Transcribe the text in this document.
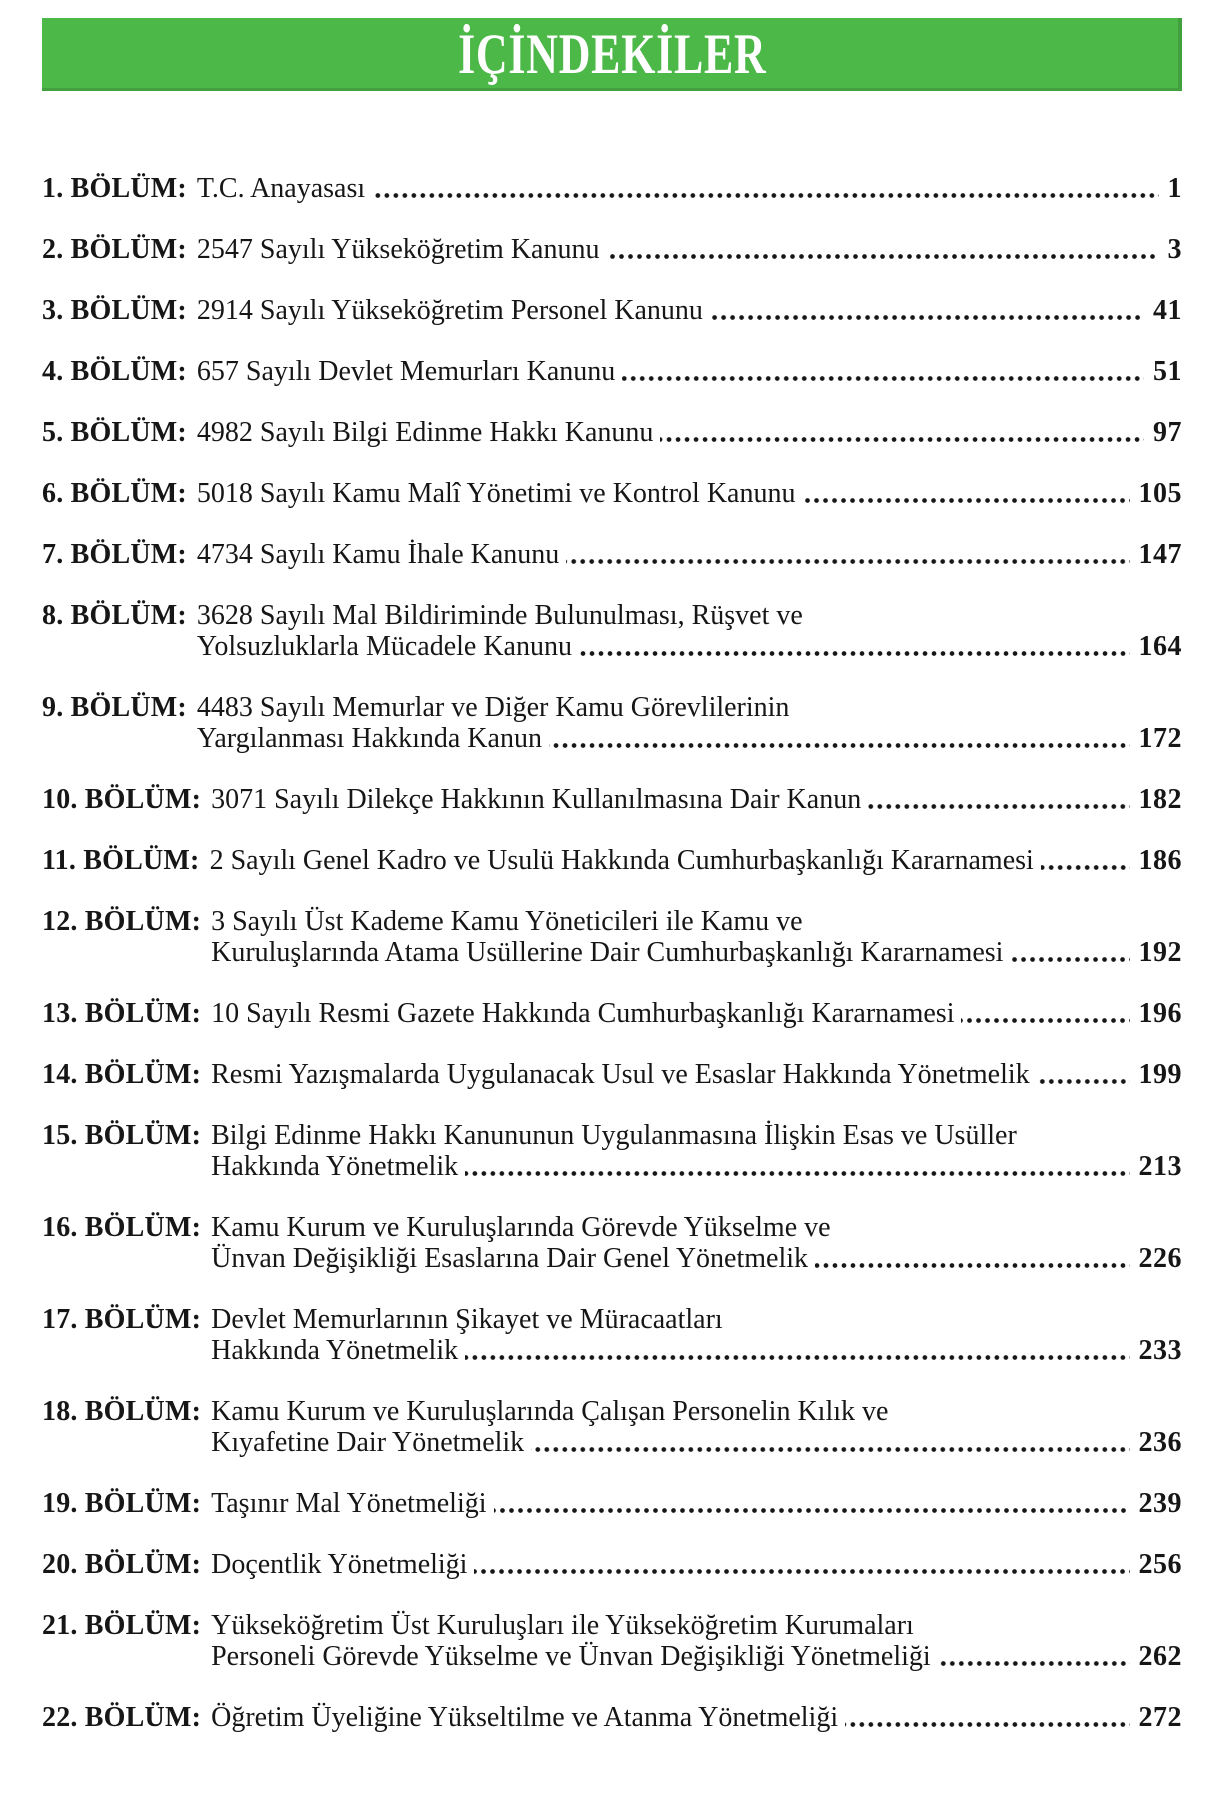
İÇİNDEKİLER
1. BÖLÜM: T.C. Anayasası	1
2. BÖLÜM: 2547 Sayılı Yükseköğretim Kanunu	3
3. BÖLÜM: 2914 Sayılı Yükseköğretim Personel Kanunu	41
4. BÖLÜM: 657 Sayılı Devlet Memurları Kanunu	51
5. BÖLÜM: 4982 Sayılı Bilgi Edinme Hakkı Kanunu	97
6. BÖLÜM: 5018 Sayılı Kamu Malî Yönetimi ve Kontrol Kanunu	105
7. BÖLÜM: 4734 Sayılı Kamu İhale Kanunu	147
8. BÖLÜM: 3628 Sayılı Mal Bildiriminde Bulunulması, Rüşvet ve
Yolsuzluklarla Mücadele Kanunu	164
9. BÖLÜM: 4483 Sayılı Memurlar ve Diğer Kamu Görevlilerinin
Yargılanması Hakkında Kanun	172
10. BÖLÜM: 3071 Sayılı Dilekçe Hakkının Kullanılmasına Dair Kanun	182
11. BÖLÜM: 2 Sayılı Genel Kadro ve Usulü Hakkında Cumhurbaşkanlığı Kararnamesi	186
12. BÖLÜM: 3 Sayılı Üst Kademe Kamu Yöneticileri ile Kamu ve
Kuruluşlarında Atama Usüllerine Dair Cumhurbaşkanlığı Kararnamesi	192
13. BÖLÜM: 10 Sayılı Resmi Gazete Hakkında Cumhurbaşkanlığı Kararnamesi	196
14. BÖLÜM: Resmi Yazışmalarda Uygulanacak Usul ve Esaslar Hakkında Yönetmelik	199
15. BÖLÜM: Bilgi Edinme Hakkı Kanununun Uygulanmasına İlişkin Esas ve Usüller
Hakkında Yönetmelik	213
16. BÖLÜM: Kamu Kurum ve Kuruluşlarında Görevde Yükselme ve
Ünvan Değişikliği Esaslarına Dair Genel Yönetmelik	226
17. BÖLÜM: Devlet Memurlarının Şikayet ve Müracaatları
Hakkında Yönetmelik	233
18. BÖLÜM: Kamu Kurum ve Kuruluşlarında Çalışan Personelin Kılık ve
Kıyafetine Dair Yönetmelik	236
19. BÖLÜM: Taşınır Mal Yönetmeliği	239
20. BÖLÜM: Doçentlik Yönetmeliği	256
21. BÖLÜM: Yükseköğretim Üst Kuruluşları ile Yükseköğretim Kurumaları
Personeli Görevde Yükselme ve Ünvan Değişikliği Yönetmeliği	262
22. BÖLÜM: Öğretim Üyeliğine Yükseltilme ve Atanma Yönetmeliği	272
